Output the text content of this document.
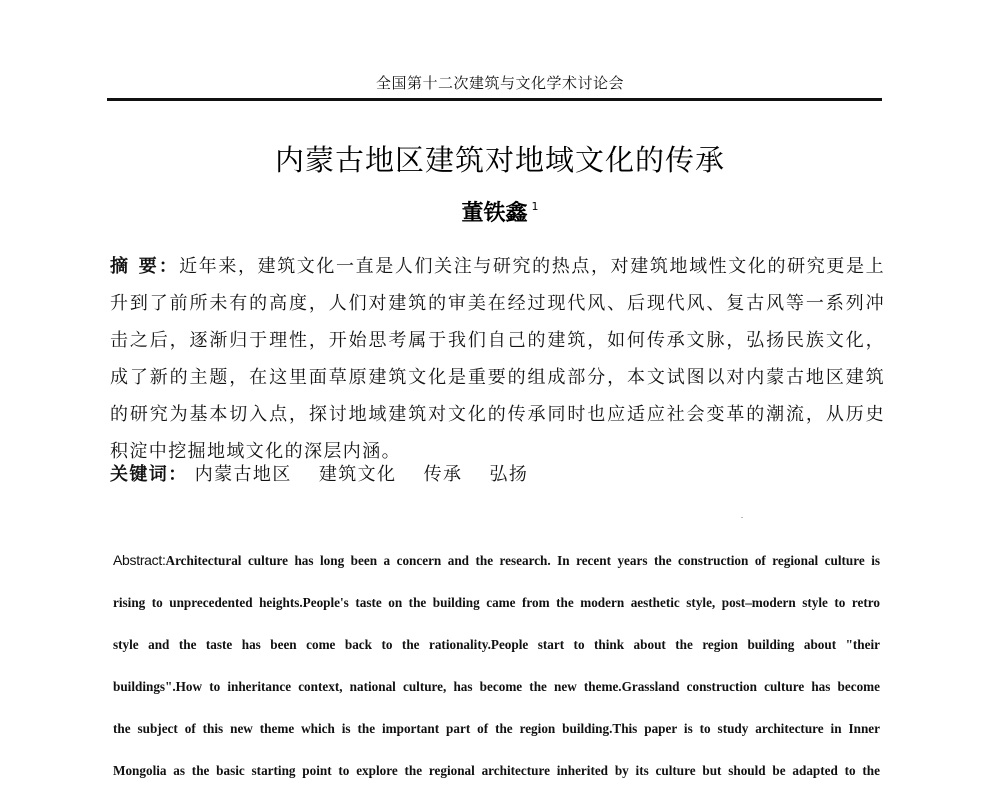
全国第十二次建筑与文化学术讨论会
内蒙古地区建筑对地域文化的传承
董铁鑫 $^1$
摘 要：近年来，建筑文化一直是人们关注与研究的热点，对建筑地域性文化的研究更是上升到了前所未有的高度，人们对建筑的审美在经过现代风、后现代风、复古风等一系列冲击之后，逐渐归于理性，开始思考属于我们自己的建筑，如何传承文脉，弘扬民族文化，成了新的主题，在这里面草原建筑文化是重要的组成部分，本文试图以对内蒙古地区建筑的研究为基本切入点，探讨地域建筑对文化的传承同时也应适应社会变革的潮流，从历史积淀中挖掘地域文化的深层内涵。
关键词： 内蒙古地区 建筑文化 传承 弘扬
Abstract:Architectural culture has long been a concern and the research. In recent years the construction of regional culture is
rising to unprecedented heights.People's taste on the building came from the modern aesthetic style, post–modern style to retro
style and the taste has been come back to the rationality.People start to think about the region building about "their
buildings".How to inheritance context, national culture, has become the new theme.Grassland construction culture has become
the subject of this new theme which is the important part of the region building.This paper is to study architecture in Inner
Mongolia as the basic starting point to explore the regional architecture inherited by its culture but should be adapted to the
